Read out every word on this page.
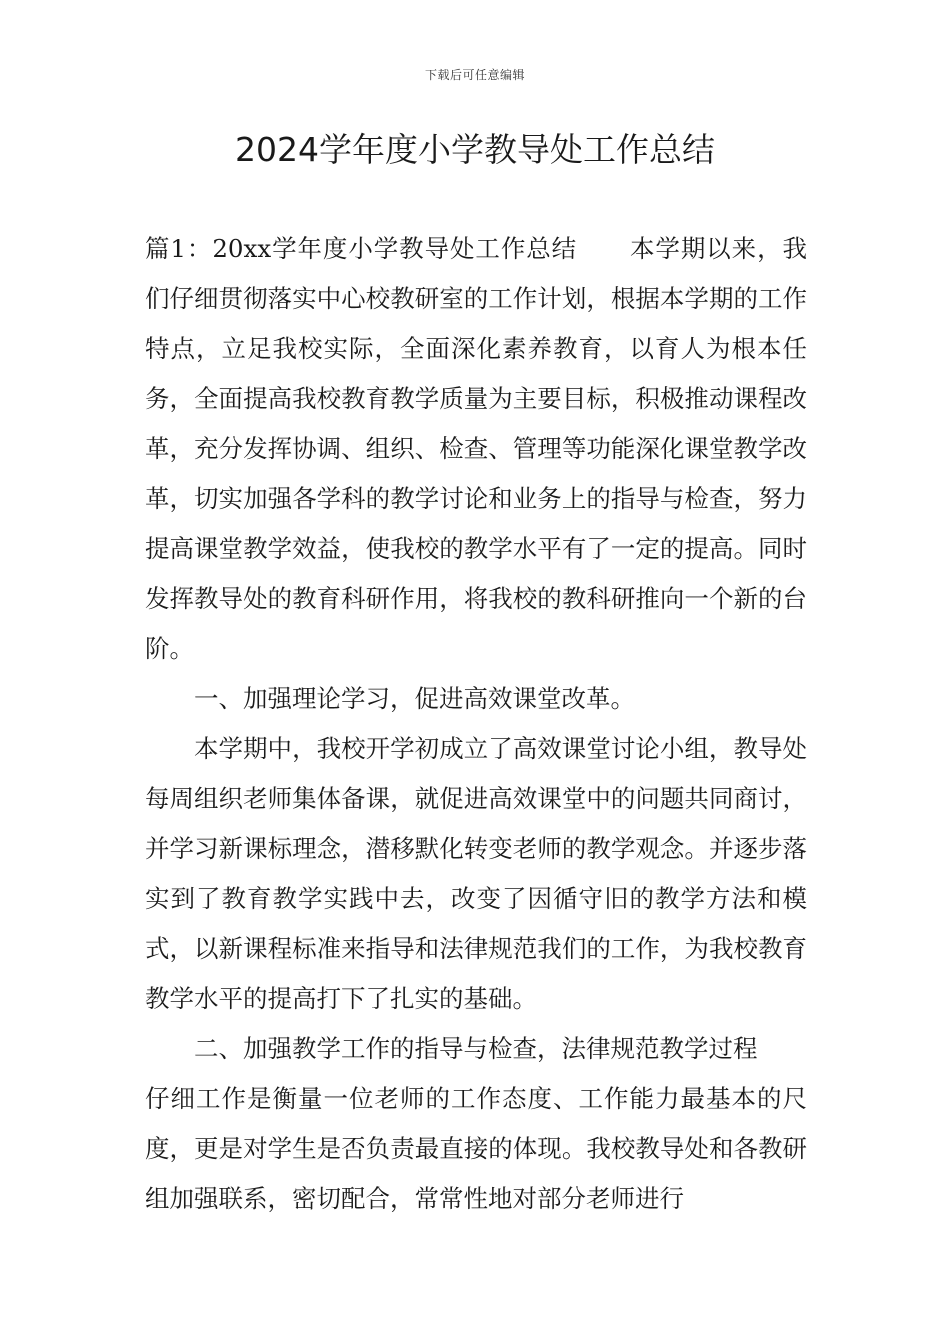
下载后可任意编辑
2024学年度小学教导处工作总结

篇1：20xx学年度小学教导处工作总结 本学期以来，我们仔细贯彻落实中心校教研室的工作计划，根据本学期的工作特点，立足我校实际，全面深化素养教育，以育人为根本任务，全面提高我校教育教学质量为主要目标，积极推动课程改革，充分发挥协调、组织、检查、管理等功能深化课堂教学改革，切实加强各学科的教学讨论和业务上的指导与检查，努力提高课堂教学效益，使我校的教学水平有了一定的提高。同时发挥教导处的教育科研作用，将我校的教科研推向一个新的台阶。

一、加强理论学习，促进高效课堂改革。

本学期中，我校开学初成立了高效课堂讨论小组，教导处每周组织老师集体备课，就促进高效课堂中的问题共同商讨，并学习新课标理念，潜移默化转变老师的教学观念。并逐步落实到了教育教学实践中去，改变了因循守旧的教学方法和模式，以新课程标准来指导和法律规范我们的工作，为我校教育教学水平的提高打下了扎实的基础。

二、加强教学工作的指导与检查，法律规范教学过程

仔细工作是衡量一位老师的工作态度、工作能力最基本的尺度，更是对学生是否负责最直接的体现。我校教导处和各教研组加强联系，密切配合，常常性地对部分老师进行
